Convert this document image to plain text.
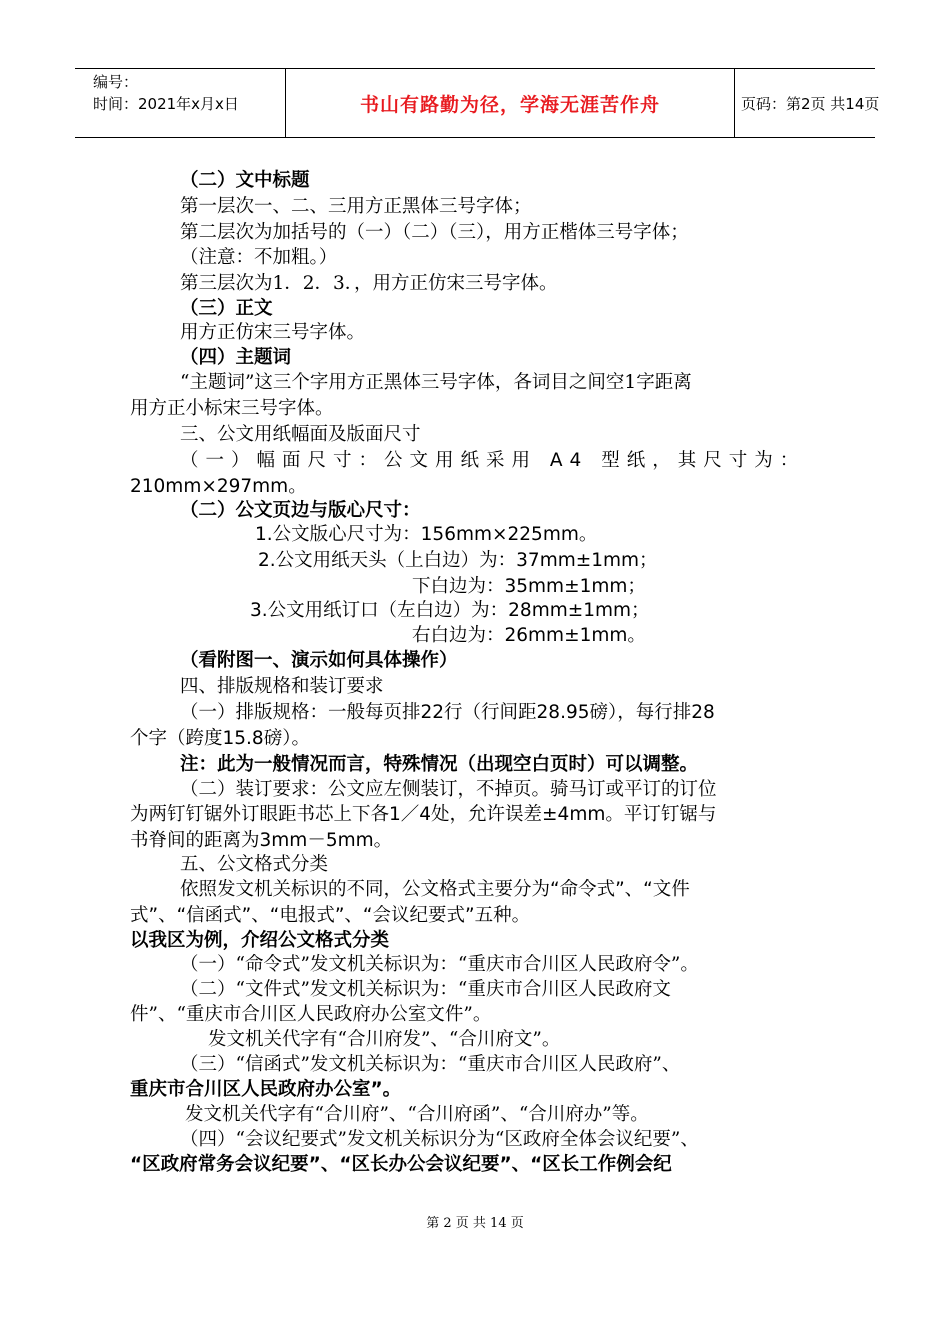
编号：
时间：2021年x月x日	书山有路勤为径，学海无涯苦作舟	页码：第2页 共14页
（二）文中标题
第一层次一、二、三用方正黑体三号字体；
第二层次为加括号的（一）（二）（三），用方正楷体三号字体；
（注意：不加粗。）
第三层次为1．2．3．，用方正仿宋三号字体。
（三）正文
用方正仿宋三号字体。
（四）主题词
“主题词”这三个字用方正黑体三号字体，各词目之间空1字距离
用方正小标宋三号字体。
三、公文用纸幅面及版面尺寸
（一）幅面尺寸：公文用纸采用 A4 型纸，其尺寸为：
210mm×297mm。
（二）公文页边与版心尺寸：
1.公文版心尺寸为：156mm×225mm。
2.公文用纸天头（上白边）为：37mm±1mm；
下白边为：35mm±1mm；
3.公文用纸订口（左白边）为：28mm±1mm；
右白边为：26mm±1mm。
（看附图一、演示如何具体操作）
四、排版规格和装订要求
（一）排版规格：一般每页排22行（行间距28.95磅），每行排28
个字（跨度15.8磅）。
注：此为一般情况而言，特殊情况（出现空白页时）可以调整。
（二）装订要求：公文应左侧装订，不掉页。骑马订或平订的订位
为两钉钉锯外订眼距书芯上下各1／4处，允许误差±4mm。平订钉锯与
书脊间的距离为3mm－5mm。
五、公文格式分类
依照发文机关标识的不同，公文格式主要分为“命令式”、“文件
式”、“信函式”、“电报式”、“会议纪要式”五种。
以我区为例，介绍公文格式分类
（一）“命令式”发文机关标识为：“重庆市合川区人民政府令”。
（二）“文件式”发文机关标识为：“重庆市合川区人民政府文
件”、“重庆市合川区人民政府办公室文件”。
发文机关代字有“合川府发”、“合川府文”。
（三）“信函式”发文机关标识为：“重庆市合川区人民政府”、
重庆市合川区人民政府办公室”。
发文机关代字有“合川府”、“合川府函”、“合川府办”等。
（四）“会议纪要式”发文机关标识分为“区政府全体会议纪要”、
“区政府常务会议纪要”、“区长办公会议纪要”、“区长工作例会纪
第 2 页 共 14 页
